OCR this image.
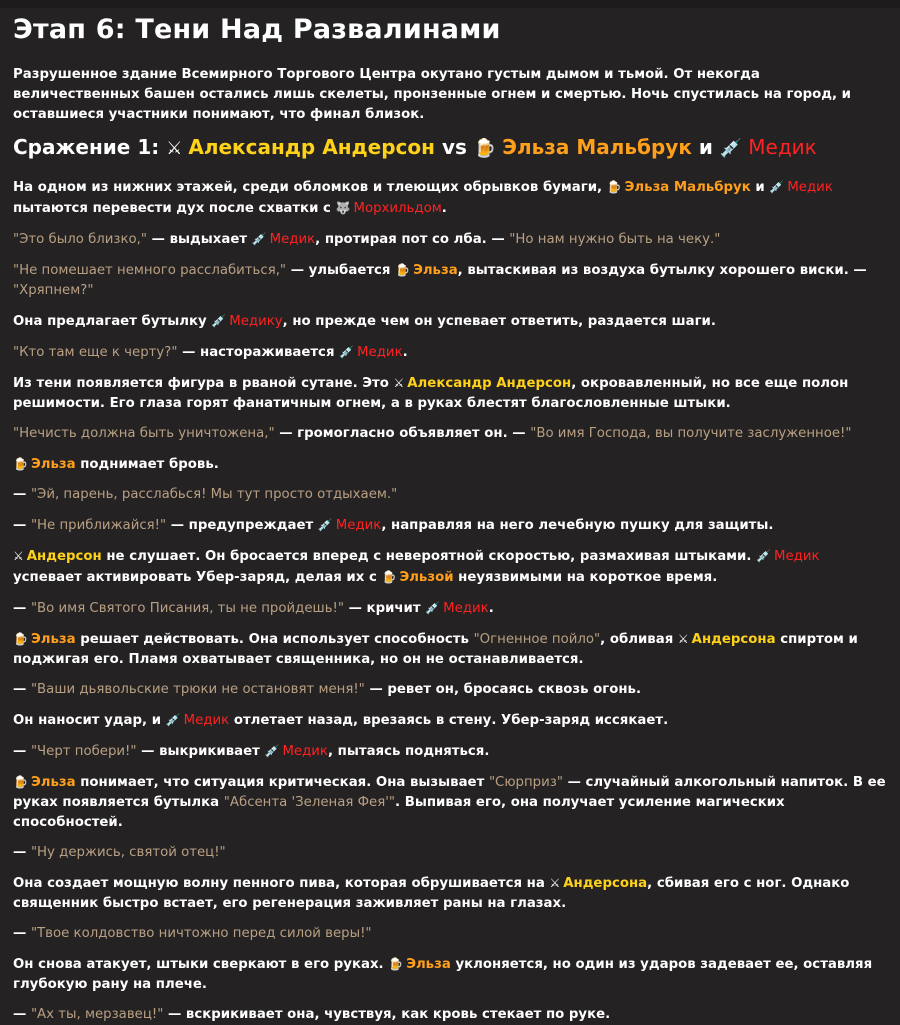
Этап 6: Тени Над Развалинами

Разрушенное здание Всемирного Торгового Центра окутано густым дымом и тьмой. От некогда величественных башен остались лишь скелеты, пронзенные огнем и смертью. Ночь спустилась на город, и оставшиеся участники понимают, что финал близок.

Сражение 1: ⚔ Александр Андерсон vs 🍺 Эльза Мальбрук и 💉 Медик

На одном из нижних этажей, среди обломков и тлеющих обрывков бумаги, 🍺 Эльза Мальбрук и 💉 Медик пытаются перевести дух после схватки с 🐺 Морхильдом.

"Это было близко," — выдыхает 💉 Медик, протирая пот со лба. — "Но нам нужно быть на чеку."

"Не помешает немного расслабиться," — улыбается 🍺 Эльза, вытаскивая из воздуха бутылку хорошего виски. — "Хряпнем?"

Она предлагает бутылку 💉 Медику, но прежде чем он успевает ответить, раздается шаги.

"Кто там еще к черту?" — настораживается 💉 Медик.

Из тени появляется фигура в рваной сутане. Это ⚔ Александр Андерсон, окровавленный, но все еще полон решимости. Его глаза горят фанатичным огнем, а в руках блестят благословленные штыки.

"Нечисть должна быть уничтожена," — громогласно объявляет он. — "Во имя Господа, вы получите заслуженное!"

🍺 Эльза поднимает бровь.

— "Эй, парень, расслабься! Мы тут просто отдыхаем."

— "Не приближайся!" — предупреждает 💉 Медик, направляя на него лечебную пушку для защиты.

⚔ Андерсон не слушает. Он бросается вперед с невероятной скоростью, размахивая штыками. 💉 Медик успевает активировать Убер-заряд, делая их с 🍺 Эльзой неуязвимыми на короткое время.

— "Во имя Святого Писания, ты не пройдешь!" — кричит 💉 Медик.

🍺 Эльза решает действовать. Она использует способность "Огненное пойло", обливая ⚔ Андерсона спиртом и поджигая его. Пламя охватывает священника, но он не останавливается.

— "Ваши дьявольские трюки не остановят меня!" — ревет он, бросаясь сквозь огонь.

Он наносит удар, и 💉 Медик отлетает назад, врезаясь в стену. Убер-заряд иссякает.

— "Черт побери!" — выкрикивает 💉 Медик, пытаясь подняться.

🍺 Эльза понимает, что ситуация критическая. Она вызывает "Сюрприз" — случайный алкогольный напиток. В ее руках появляется бутылка "Абсента 'Зеленая Фея'". Выпивая его, она получает усиление магических способностей.

— "Ну держись, святой отец!"

Она создает мощную волну пенного пива, которая обрушивается на ⚔ Андерсона, сбивая его с ног. Однако священник быстро встает, его регенерация заживляет раны на глазах.

— "Твое колдовство ничтожно перед силой веры!"

Он снова атакует, штыки сверкают в его руках. 🍺 Эльза уклоняется, но один из ударов задевает ее, оставляя глубокую рану на плече.

— "Ах ты, мерзавец!" — вскрикивает она, чувствуя, как кровь стекает по руке.
